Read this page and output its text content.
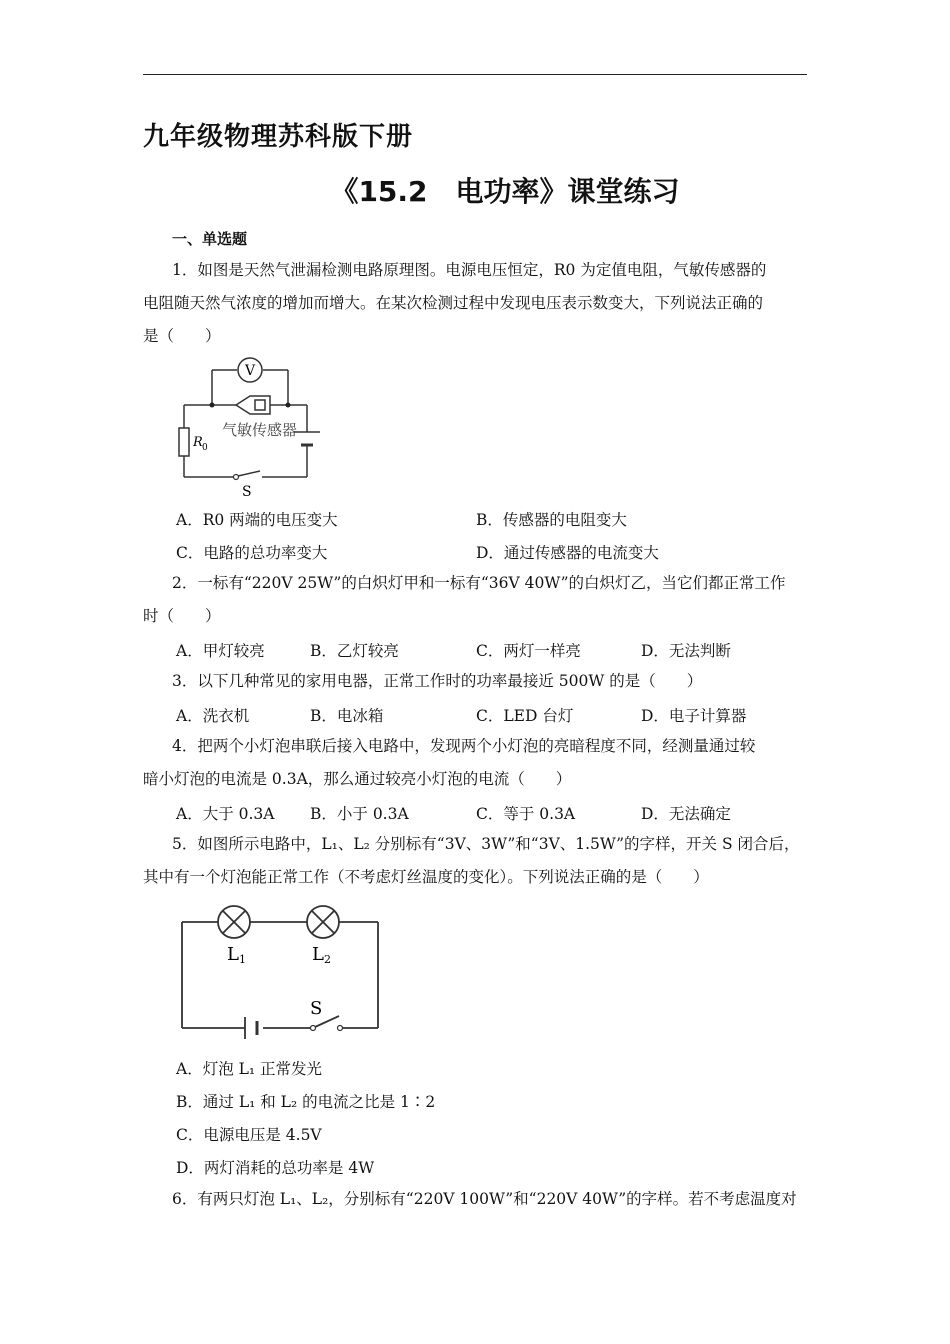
九年级物理苏科版下册
《15.2　电功率》课堂练习
一、单选题

1．如图是天然气泄漏检测电路原理图。电源电压恒定，R0 为定值电阻，气敏传感器的

电阻随天然气浓度的增加而增大。在某次检测过程中发现电压表示数变大，下列说法正确的
是（　　）
V
气敏传感器
R 0
S
A．R0 两端的电压变大	B．传感器的电阻变大
C．电路的总功率变大	D．通过传感器的电流变大

2．一标有“220V 25W”的白炽灯甲和一标有“36V 40W”的白炽灯乙，当它们都正常工作

时（　　）
A．甲灯较亮	B．乙灯较亮	C．两灯一样亮	D．无法判断

3．以下几种常见的家用电器，正常工作时的功率最接近 500W 的是（　　）

A．洗衣机	B．电冰箱	C．LED 台灯	D．电子计算器

4．把两个小灯泡串联后接入电路中，发现两个小灯泡的亮暗程度不同，经测量通过较

暗小灯泡的电流是 0.3A，那么通过较亮小灯泡的电流（　　）
A．大于 0.3A B．小于 0.3A	C．等于 0.3A	D．无法确定

5．如图所示电路中，L₁、L₂ 分别标有“3V、3W”和“3V、1.5W”的字样，开关 S 闭合后，

其中有一个灯泡能正常工作（不考虑灯丝温度的变化）。下列说法正确的是（　　）
L 1	L 2
S
A．灯泡 L₁ 正常发光
B．通过 L₁ 和 L₂ 的电流之比是 1∶2
C．电源电压是 4.5V
D．两灯消耗的总功率是 4W

6．有两只灯泡 L₁、L₂，分别标有“220V 100W”和“220V 40W”的字样。若不考虑温度对
